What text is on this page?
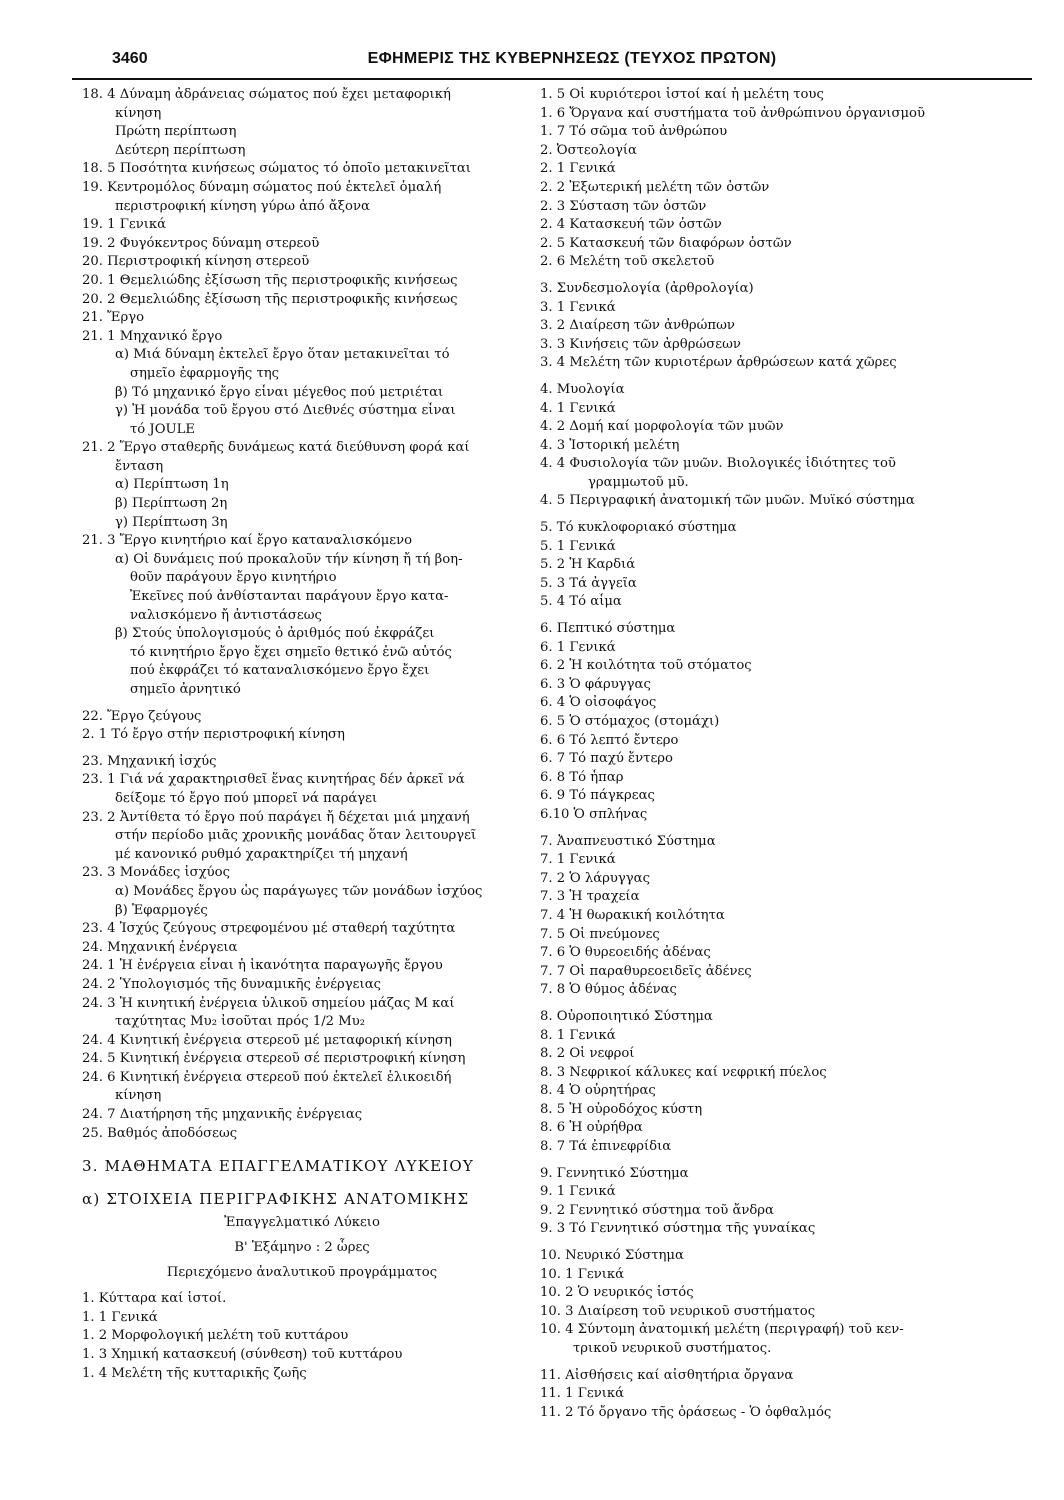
3460	ΕΦΗΜΕΡΙΣ ΤΗΣ ΚΥΒΕΡΝΗΣΕΩΣ (ΤΕΥΧΟΣ ΠΡΩΤΟΝ)
18. 4 Δύναμη ἀδράνειας σώματος πού ἔχει μεταφορική
κίνηση
Πρώτη περίπτωση
Δεύτερη περίπτωση
18. 5 Ποσότητα κινήσεως σώματος τό ὁποῖο μετακινεῖται
19. Κεντρομόλος δύναμη σώματος πού ἐκτελεῖ ὁμαλή
περιστροφική κίνηση γύρω ἀπό ἄξονα
19. 1 Γενικά
19. 2 Φυγόκεντρος δύναμη στερεοῦ
20. Περιστροφική κίνηση στερεοῦ
20. 1 Θεμελιώδης ἐξίσωση τῆς περιστροφικῆς κινήσεως
20. 2 Θεμελιώδης ἐξίσωση τῆς περιστροφικῆς κινήσεως
21. Ἔργο
21. 1 Μηχανικό ἔργο
α) Μιά δύναμη ἐκτελεῖ ἔργο ὅταν μετακινεῖται τό
σημεῖο ἐφαρμογῆς της
β) Τό μηχανικό ἔργο εἶναι μέγεθος πού μετριέται
γ) Ἡ μονάδα τοῦ ἔργου στό Διεθνές σύστημα εἶναι
τό JOULE
21. 2 Ἔργο σταθερῆς δυνάμεως κατά διεύθυνση φορά καί
ἔνταση
α) Περίπτωση 1η
β) Περίπτωση 2η
γ) Περίπτωση 3η
21. 3 Ἔργο κινητήριο καί ἔργο καταναλισκόμενο
α) Οἱ δυνάμεις πού προκαλοῦν τήν κίνηση ἤ τή βοη-
θοῦν παράγουν ἔργο κινητήριο
Ἐκεῖνες πού ἀνθίστανται παράγουν ἔργο κατα-
ναλισκόμενο ἤ ἀντιστάσεως
β) Στούς ὑπολογισμούς ὁ ἀριθμός πού ἐκφράζει
τό κινητήριο ἔργο ἔχει σημεῖο θετικό ἐνῶ αὐτός
πού ἐκφράζει τό καταναλισκόμενο ἔργο ἔχει
σημεῖο ἀρνητικό
22. Ἔργο ζεύγους
2. 1 Τό ἔργο στήν περιστροφική κίνηση
23. Μηχανική ἰσχύς
23. 1 Γιά νά χαρακτηρισθεῖ ἕνας κινητήρας δέν ἀρκεῖ νά
δείξομε τό ἔργο πού μπορεῖ νά παράγει
23. 2 Ἀντίθετα τό ἔργο πού παράγει ἤ δέχεται μιά μηχανή
στήν περίοδο μιᾶς χρονικῆς μονάδας ὅταν λειτουργεῖ
μέ κανονικό ρυθμό χαρακτηρίζει τή μηχανή
23. 3 Μονάδες ἰσχύος
α) Μονάδες ἔργου ὡς παράγωγες τῶν μονάδων ἰσχύος
β) Ἐφαρμογές
23. 4 Ἰσχύς ζεύγους στρεφομένου μέ σταθερή ταχύτητα
24. Μηχανική ἐνέργεια
24. 1 Ἡ ἐνέργεια εἶναι ἡ ἱκανότητα παραγωγῆς ἔργου
24. 2 Ὑπολογισμός τῆς δυναμικῆς ἐνέργειας
24. 3 Ἡ κινητική ἐνέργεια ὑλικοῦ σημείου μάζας Μ καί
ταχύτητας Μυ₂ ἰσοῦται πρός 1/2 Μυ₂
24. 4 Κινητική ἐνέργεια στερεοῦ μέ μεταφορική κίνηση
24. 5 Κινητική ἐνέργεια στερεοῦ σέ περιστροφική κίνηση
24. 6 Κινητική ἐνέργεια στερεοῦ πού ἐκτελεῖ ἑλικοειδή
κίνηση
24. 7 Διατήρηση τῆς μηχανικῆς ἐνέργειας
25. Βαθμός ἀποδόσεως
3. ΜΑΘΗΜΑΤΑ ΕΠΑΓΓΕΛΜΑΤΙΚΟΥ ΛΥΚΕΙΟΥ
α) ΣΤΟΙΧΕΙΑ ΠΕΡΙΓΡΑΦΙΚΗΣ ΑΝΑΤΟΜΙΚΗΣ
Ἐπαγγελματικό Λύκειο
Β' Ἑξάμηνο : 2 ὧρες
Περιεχόμενο ἀναλυτικοῦ προγράμματος
1. Κύτταρα καί ἱστοί.
1. 1 Γενικά
1. 2 Μορφολογική μελέτη τοῦ κυττάρου
1. 3 Χημική κατασκευή (σύνθεση) τοῦ κυττάρου
1. 4 Μελέτη τῆς κυτταρικῆς ζωῆς
1. 5 Οἱ κυριότεροι ἱστοί καί ἡ μελέτη τους
1. 6 Ὄργανα καί συστήματα τοῦ ἀνθρώπινου ὀργανισμοῦ
1. 7 Τό σῶμα τοῦ ἀνθρώπου
2. Ὀστεολογία
2. 1 Γενικά
2. 2 Ἐξωτερική μελέτη τῶν ὀστῶν
2. 3 Σύσταση τῶν ὀστῶν
2. 4 Κατασκευή τῶν ὀστῶν
2. 5 Κατασκευή τῶν διαφόρων ὀστῶν
2. 6 Μελέτη τοῦ σκελετοῦ
3. Συνδεσμολογία (ἀρθρολογία)
3. 1 Γενικά
3. 2 Διαίρεση τῶν ἀνθρώπων
3. 3 Κινήσεις τῶν ἀρθρώσεων
3. 4 Μελέτη τῶν κυριοτέρων ἀρθρώσεων κατά χῶρες
4. Μυολογία
4. 1 Γενικά
4. 2 Δομή καί μορφολογία τῶν μυῶν
4. 3 Ἱστορική μελέτη
4. 4 Φυσιολογία τῶν μυῶν. Βιολογικές ἰδιότητες τοῦ
γραμμωτοῦ μῦ.
4. 5 Περιγραφική ἀνατομική τῶν μυῶν. Μυϊκό σύστημα
5. Τό κυκλοφοριακό σύστημα
5. 1 Γενικά
5. 2 Ἡ Καρδιά
5. 3 Τά ἀγγεῖα
5. 4 Τό αἷμα
6. Πεπτικό σύστημα
6. 1 Γενικά
6. 2 Ἡ κοιλότητα τοῦ στόματος
6. 3 Ὁ φάρυγγας
6. 4 Ὁ οἰσοφάγος
6. 5 Ὁ στόμαχος (στομάχι)
6. 6 Τό λεπτό ἔντερο
6. 7 Τό παχύ ἔντερο
6. 8 Τό ἧπαρ
6. 9 Τό πάγκρεας
6.10 Ὁ σπλήνας
7. Ἀναπνευστικό Σύστημα
7. 1 Γενικά
7. 2 Ὁ λάρυγγας
7. 3 Ἡ τραχεία
7. 4 Ἡ θωρακική κοιλότητα
7. 5 Οἱ πνεύμονες
7. 6 Ὁ θυρεοειδής ἀδένας
7. 7 Οἱ παραθυρεοειδεῖς ἀδένες
7. 8 Ὁ θύμος ἀδένας
8. Οὐροποιητικό Σύστημα
8. 1 Γενικά
8. 2 Οἱ νεφροί
8. 3 Νεφρικοί κάλυκες καί νεφρική πύελος
8. 4 Ὁ οὐρητήρας
8. 5 Ἡ οὐροδόχος κύστη
8. 6 Ἡ οὐρήθρα
8. 7 Τά ἐπινεφρίδια
9. Γεννητικό Σύστημα
9. 1 Γενικά
9. 2 Γεννητικό σύστημα τοῦ ἄνδρα
9. 3 Τό Γεννητικό σύστημα τῆς γυναίκας
10. Νευρικό Σύστημα
10. 1 Γενικά
10. 2 Ὁ νευρικός ἱστός
10. 3 Διαίρεση τοῦ νευρικοῦ συστήματος
10. 4 Σύντομη ἀνατομική μελέτη (περιγραφή) τοῦ κεν-
τρικοῦ νευρικοῦ συστήματος.
11. Αἰσθήσεις καί αἰσθητήρια ὄργανα
11. 1 Γενικά
11. 2 Τό ὄργανο τῆς ὁράσεως - Ὁ ὀφθαλμός
